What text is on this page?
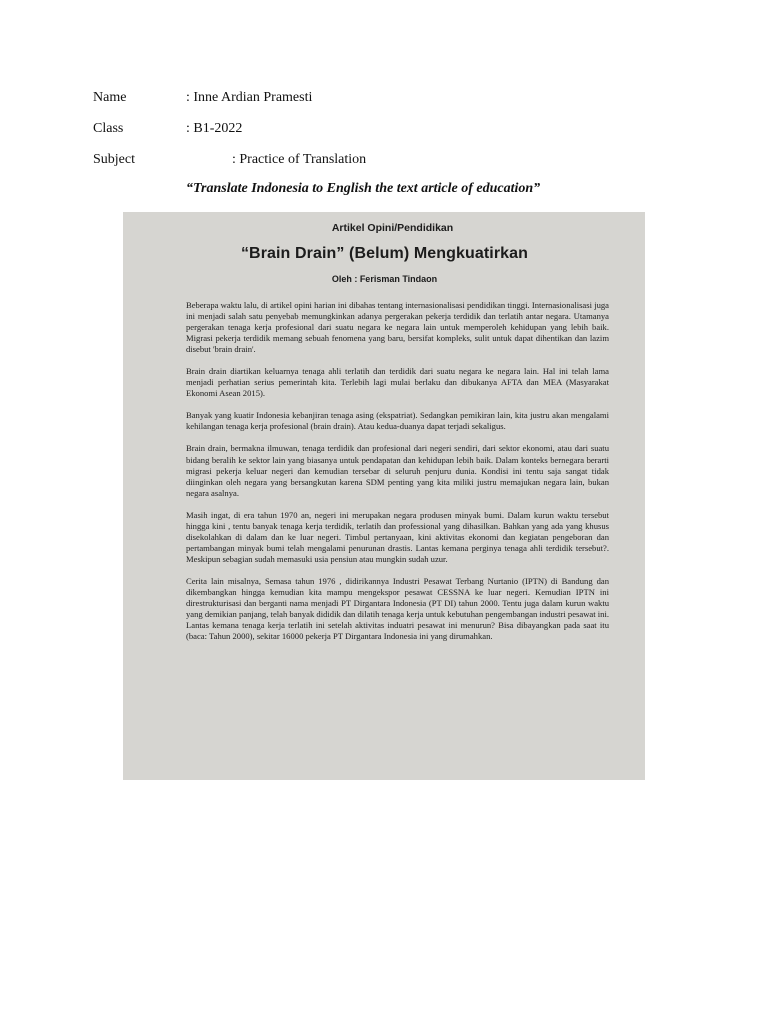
Name	: Inne Ardian Pramesti
Class	: B1-2022
Subject	: Practice of Translation
“Translate Indonesia to English the text article of education”
Artikel Opini/Pendidikan
“Brain Drain” (Belum) Mengkuatirkan
Oleh : Ferisman Tindaon

Beberapa waktu lalu, di artikel opini harian ini dibahas tentang internasionalisasi pendidikan tinggi. Internasionalisasi juga ini menjadi salah satu penyebab memungkinkan adanya pergerakan pekerja terdidik dan terlatih antar negara. Utamanya pergerakan tenaga kerja profesional dari suatu negara ke negara lain untuk memperoleh kehidupan yang lebih baik. Migrasi pekerja terdidik memang sebuah fenomena yang baru, bersifat kompleks, sulit untuk dapat dihentikan dan lazim disebut 'brain drain'.

Brain drain diartikan keluarnya tenaga ahli terlatih dan terdidik dari suatu negara ke negara lain. Hal ini telah lama menjadi perhatian serius pemerintah kita. Terlebih lagi mulai berlaku dan dibukanya AFTA dan MEA (Masyarakat Ekonomi Asean 2015).

Banyak yang kuatir Indonesia kebanjiran tenaga asing (ekspatriat). Sedangkan pemikiran lain, kita justru akan mengalami kehilangan tenaga kerja profesional (brain drain). Atau kedua-duanya dapat terjadi sekaligus.

Brain drain, bermakna ilmuwan, tenaga terdidik dan profesional dari negeri sendiri, dari sektor ekonomi, atau dari suatu bidang beralih ke sektor lain yang biasanya untuk pendapatan dan kehidupan lebih baik. Dalam konteks bernegara berarti migrasi pekerja keluar negeri dan kemudian tersebar di seluruh penjuru dunia. Kondisi ini tentu saja sangat tidak diinginkan oleh negara yang bersangkutan karena SDM penting yang kita miliki justru memajukan negara lain, bukan negara asalnya.

Masih ingat, di era tahun 1970 an, negeri ini merupakan negara produsen minyak bumi. Dalam kurun waktu tersebut hingga kini , tentu banyak tenaga kerja terdidik, terlatih dan professional yang dihasilkan. Bahkan yang ada yang khusus disekolahkan di dalam dan ke luar negeri. Timbul pertanyaan, kini aktivitas ekonomi dan kegiatan pengeboran dan pertambangan minyak bumi telah mengalami penurunan drastis. Lantas kemana perginya tenaga ahli terdidik tersebut?. Meskipun sebagian sudah memasuki usia pensiun atau mungkin sudah uzur.

Cerita lain misalnya, Semasa tahun 1976 , didirikannya Industri Pesawat Terbang Nurtanio (IPTN) di Bandung dan dikembangkan hingga kemudian kita mampu mengekspor pesawat CESSNA ke luar negeri. Kemudian IPTN ini direstrukturisasi dan berganti nama menjadi PT Dirgantara Indonesia (PT DI) tahun 2000. Tentu juga dalam kurun waktu yang demikian panjang, telah banyak dididik dan dilatih tenaga kerja untuk kebutuhan pengembangan industri pesawat ini. Lantas kemana tenaga kerja terlatih ini setelah aktivitas induatri pesawat ini menurun? Bisa dibayangkan pada saat itu (baca: Tahun 2000), sekitar 16000 pekerja PT Dirgantara Indonesia ini yang dirumahkan.
